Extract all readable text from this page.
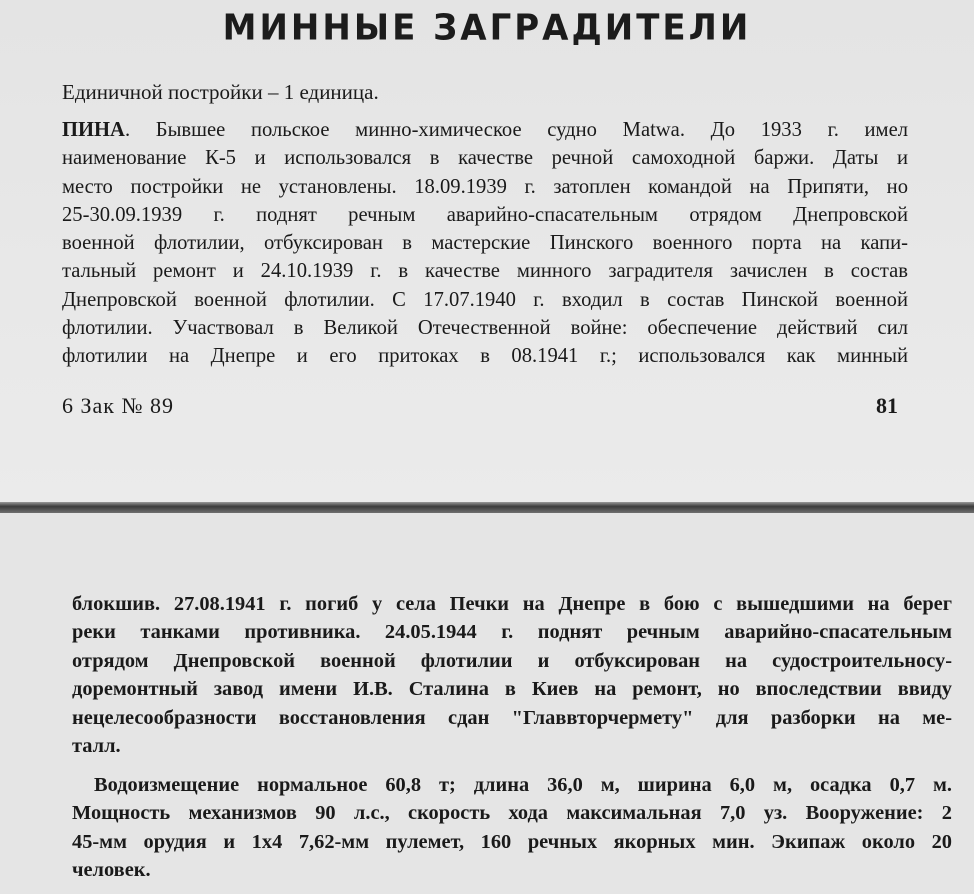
МИННЫЕ ЗАГРАДИТЕЛИ

Единичной постройки – 1 единица.

ПИНА. Бывшее польское минно-химическое судно Matwa. До 1933 г. имел
наименование К-5 и использовался в качестве речной самоходной баржи. Даты и
место постройки не установлены. 18.09.1939 г. затоплен командой на Припяти, но
25-30.09.1939 г. поднят речным аварийно-спасательным отрядом Днепровской
военной флотилии, отбуксирован в мастерские Пинского военного порта на капи-
тальный ремонт и 24.10.1939 г. в качестве минного заградителя зачислен в состав
Днепровской военной флотилии. С 17.07.1940 г. входил в состав Пинской военной
флотилии. Участвовал в Великой Отечественной войне: обеспечение действий сил
флотилии на Днепре и его притоках в 08.1941 г.; использовался как минный

6 Зак № 89	81

блокшив. 27.08.1941 г. погиб у села Печки на Днепре в бою с вышедшими на берег
реки танками противника. 24.05.1944 г. поднят речным аварийно-спасательным
отрядом Днепровской военной флотилии и отбуксирован на судостроительносу-
доремонтный завод имени И.В. Сталина в Киев на ремонт, но впоследствии ввиду
нецелесообразности восстановления сдан "Главвторчермету" для разборки на ме-
талл.
Водоизмещение нормальное 60,8 т; длина 36,0 м, ширина 6,0 м, осадка 0,7 м.
Мощность механизмов 90 л.с., скорость хода максимальная 7,0 уз. Вооружение: 2
45-мм орудия и 1х4 7,62-мм пулемет, 160 речных якорных мин. Экипаж около 20
человек.
